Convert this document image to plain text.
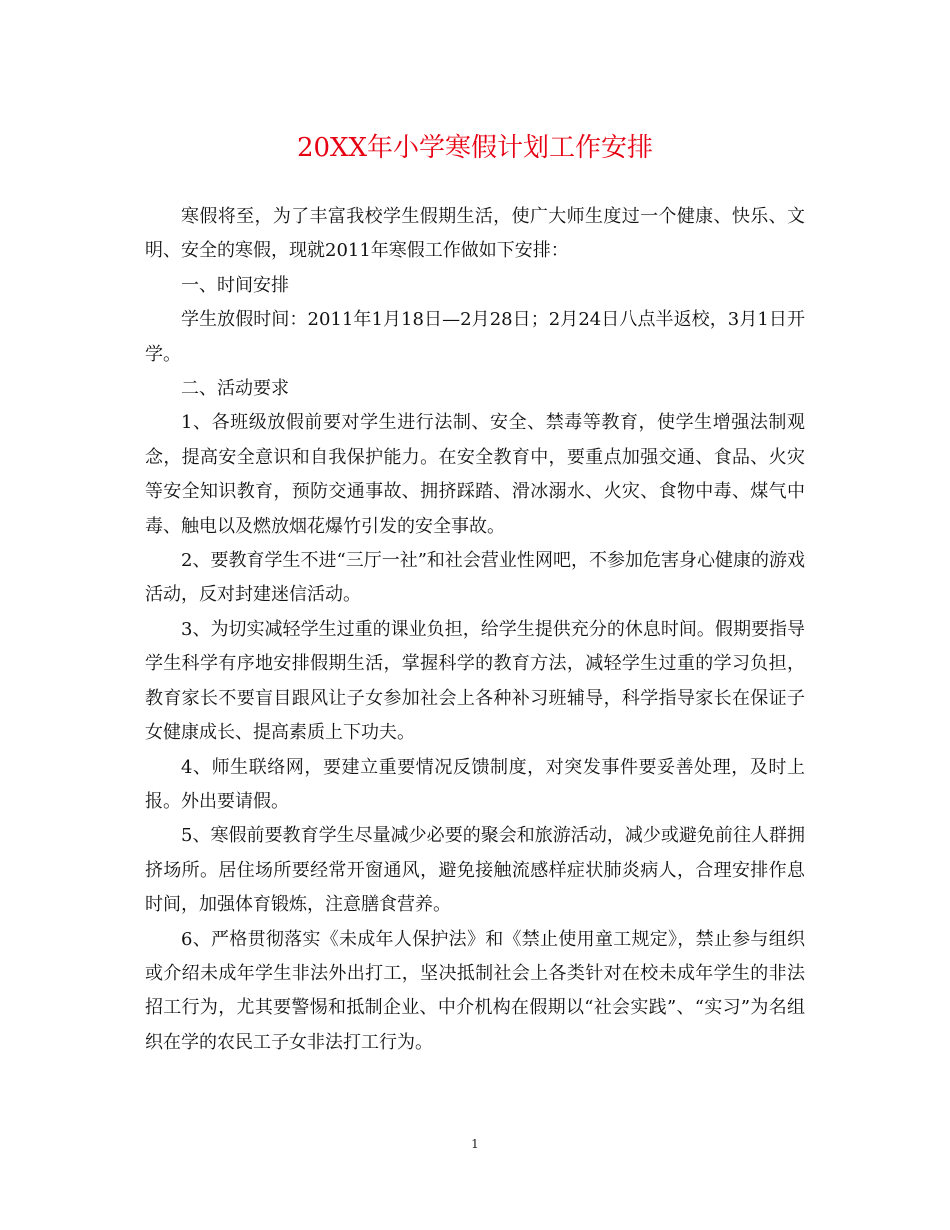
20XX年小学寒假计划工作安排

寒假将至，为了丰富我校学生假期生活，使广大师生度过一个健康、快乐、文明、安全的寒假，现就2011年寒假工作做如下安排：

一、时间安排

学生放假时间：2011年1月18日—2月28日；2月24日八点半返校，3月1日开学。

二、活动要求

1、各班级放假前要对学生进行法制、安全、禁毒等教育，使学生增强法制观念，提高安全意识和自我保护能力。在安全教育中，要重点加强交通、食品、火灾等安全知识教育，预防交通事故、拥挤踩踏、滑冰溺水、火灾、食物中毒、煤气中毒、触电以及燃放烟花爆竹引发的安全事故。

2、要教育学生不进“三厅一社”和社会营业性网吧，不参加危害身心健康的游戏活动，反对封建迷信活动。

3、为切实减轻学生过重的课业负担，给学生提供充分的休息时间。假期要指导学生科学有序地安排假期生活，掌握科学的教育方法，减轻学生过重的学习负担，教育家长不要盲目跟风让子女参加社会上各种补习班辅导，科学指导家长在保证子女健康成长、提高素质上下功夫。

4、师生联络网，要建立重要情况反馈制度，对突发事件要妥善处理，及时上报。外出要请假。

5、寒假前要教育学生尽量减少必要的聚会和旅游活动，减少或避免前往人群拥挤场所。居住场所要经常开窗通风，避免接触流感样症状肺炎病人，合理安排作息时间，加强体育锻炼，注意膳食营养。

6、严格贯彻落实《未成年人保护法》和《禁止使用童工规定》，禁止参与组织或介绍未成年学生非法外出打工，坚决抵制社会上各类针对在校未成年学生的非法招工行为，尤其要警惕和抵制企业、中介机构在假期以“社会实践”、“实习”为名组织在学的农民工子女非法打工行为。

1
